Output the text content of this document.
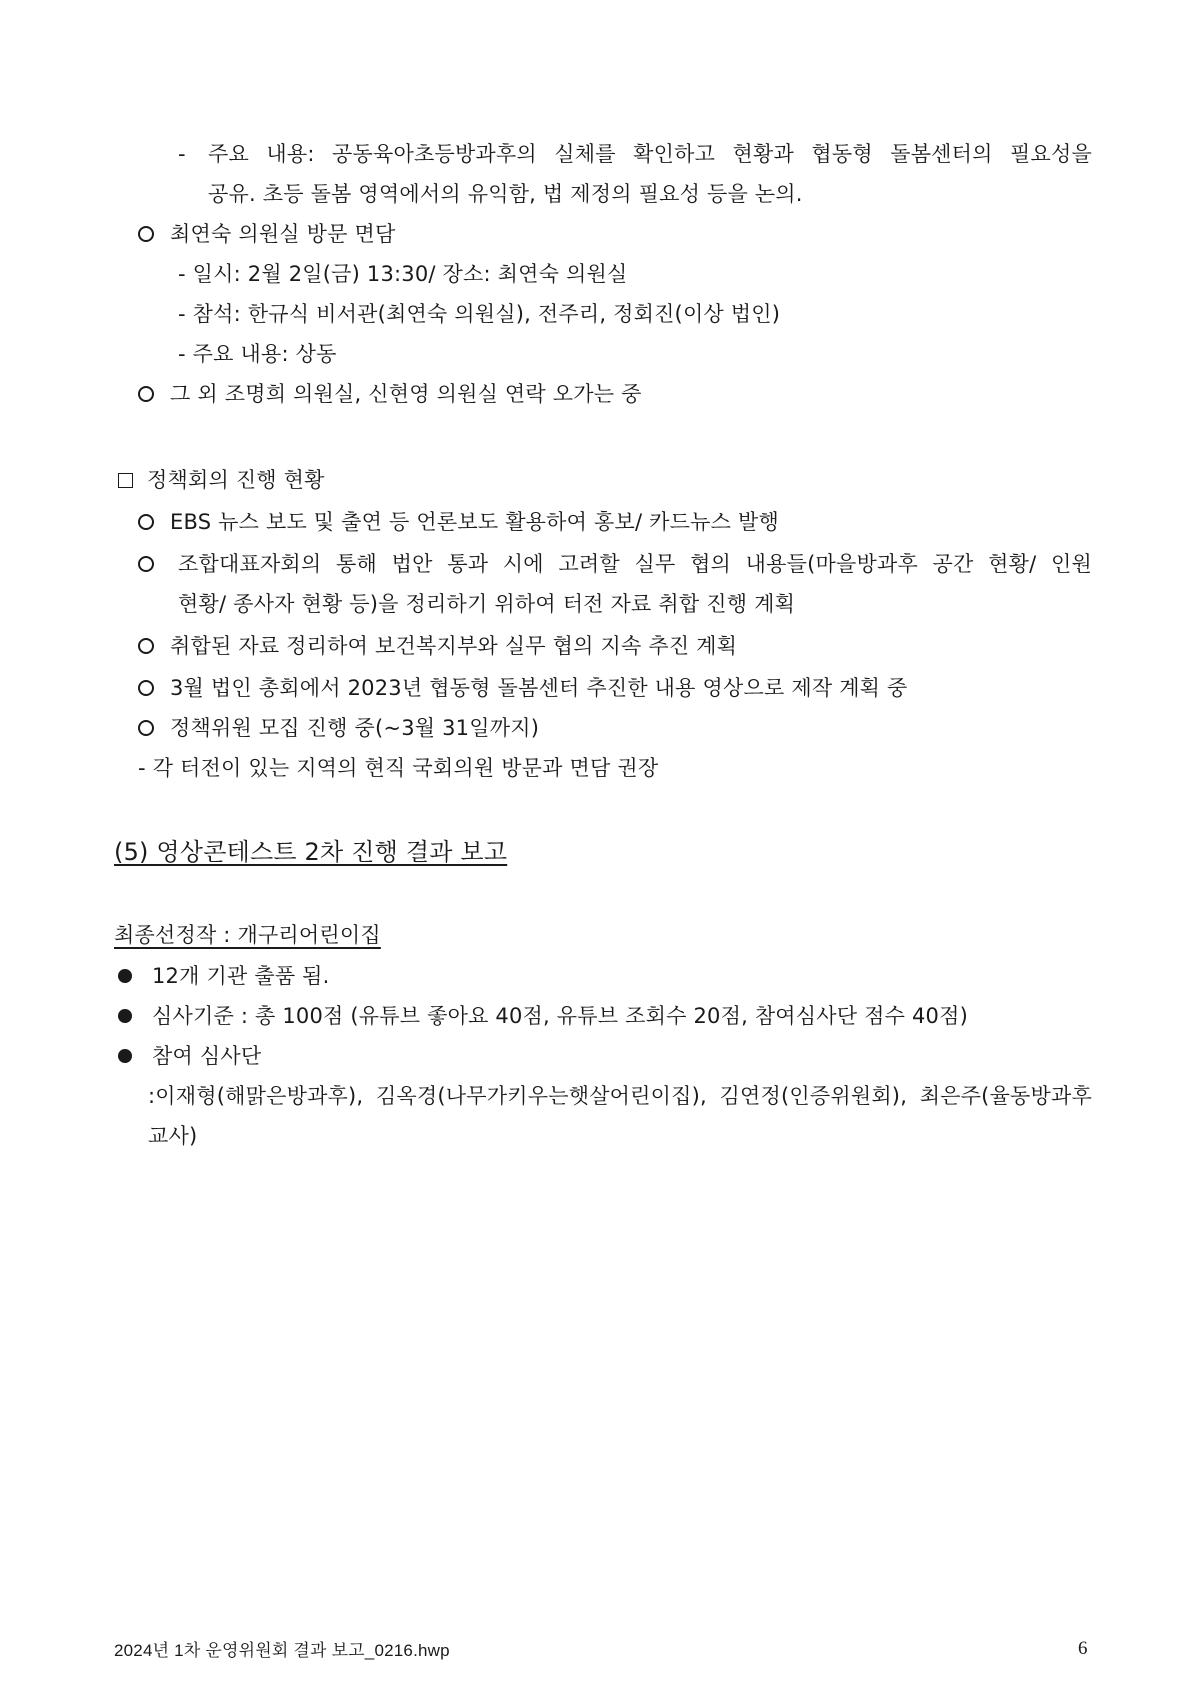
- 주요 내용: 공동육아초등방과후의 실체를 확인하고 현황과 협동형 돌봄센터의 필요성을
공유. 초등 돌봄 영역에서의 유익함, 법 제정의 필요성 등을 논의.
최연숙 의원실 방문 면담
- 일시: 2월 2일(금) 13:30/ 장소: 최연숙 의원실
- 참석: 한규식 비서관(최연숙 의원실), 전주리, 정회진(이상 법인)
- 주요 내용: 상동
그 외 조명희 의원실, 신현영 의원실 연락 오가는 중
정책회의 진행 현황
EBS 뉴스 보도 및 출연 등 언론보도 활용하여 홍보/ 카드뉴스 발행
조합대표자회의 통해 법안 통과 시에 고려할 실무 협의 내용들(마을방과후 공간 현황/ 인원
현황/ 종사자 현황 등)을 정리하기 위하여 터전 자료 취합 진행 계획
취합된 자료 정리하여 보건복지부와 실무 협의 지속 추진 계획
3월 법인 총회에서 2023년 협동형 돌봄센터 추진한 내용 영상으로 제작 계획 중
정책위원 모집 진행 중(~3월 31일까지)
- 각 터전이 있는 지역의 현직 국회의원 방문과 면담 권장
(5) 영상콘테스트 2차 진행 결과 보고
최종선정작 : 개구리어린이집
12개 기관 출품 됨.
심사기준 : 총 100점 (유튜브 좋아요 40점, 유튜브 조회수 20점, 참여심사단 점수 40점)
참여 심사단
:이재형(해맑은방과후), 김옥경(나무가키우는햇살어린이집), 김연정(인증위원회), 최은주(율동방과후
교사)
2024년 1차 운영위원회 결과 보고_0216.hwp	6
